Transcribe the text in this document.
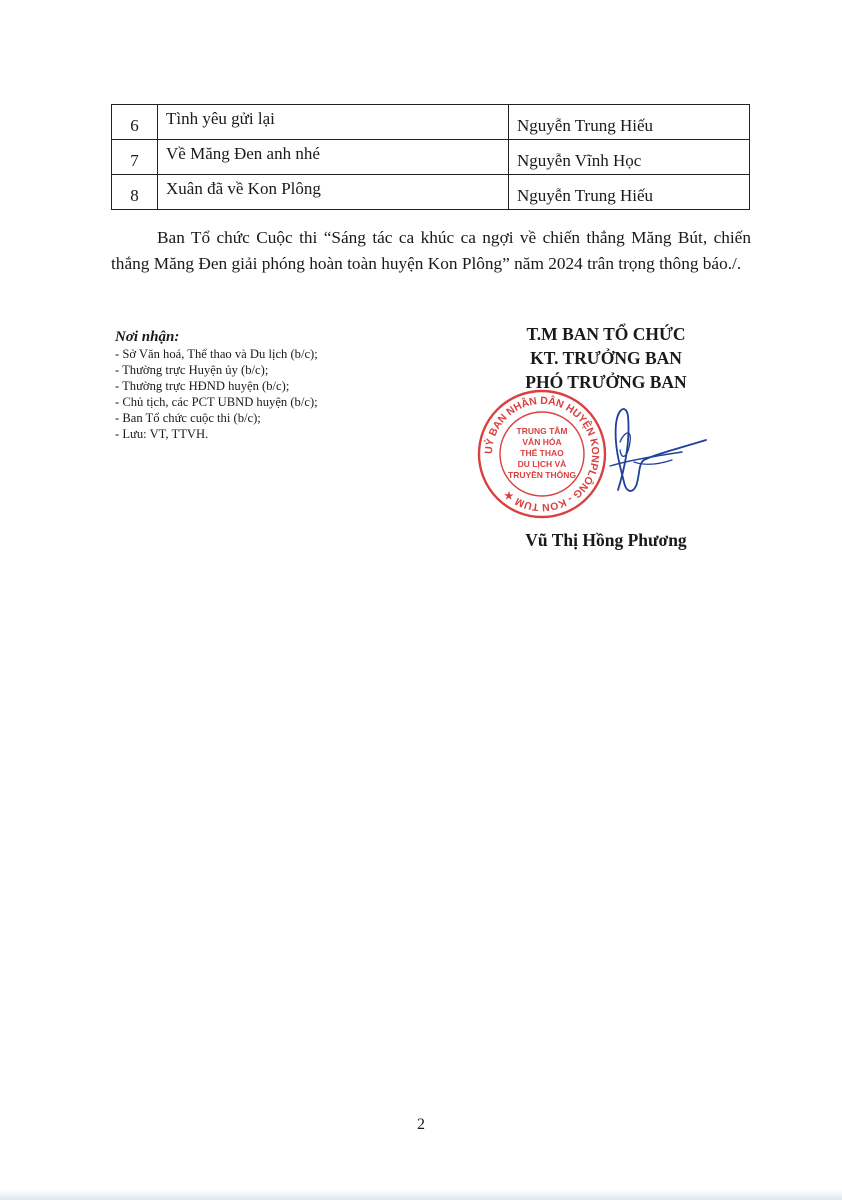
6	Tình yêu gửi lại	Nguyễn Trung Hiếu
7	Về Măng Đen anh nhé	Nguyễn Vĩnh Học
8	Xuân đã về Kon Plông	Nguyễn Trung Hiếu

Ban Tổ chức Cuộc thi “Sáng tác ca khúc ca ngợi về chiến thắng Măng Bút, chiến thắng Măng Đen giải phóng hoàn toàn huyện Kon Plông” năm 2024 trân trọng thông báo./.

Nơi nhận:
- Sở Văn hoá, Thể thao và Du lịch (b/c);
- Thường trực Huyện ủy (b/c);
- Thường trực HĐND huyện (b/c);
- Chủ tịch, các PCT UBND huyện (b/c);
- Ban Tổ chức cuộc thi (b/c);
- Lưu: VT, TTVH.
T.M BAN TỔ CHỨC
KT. TRƯỞNG BAN
PHÓ TRƯỞNG BAN
UỶ BAN NHÂN DÂN HUYỆN KONPLÔNG - KON TUM ★
TRUNG TÂM
VĂN HÓA
THỂ THAO
DU LỊCH VÀ
TRUYỀN THÔNG
Vũ Thị Hồng Phương
2
